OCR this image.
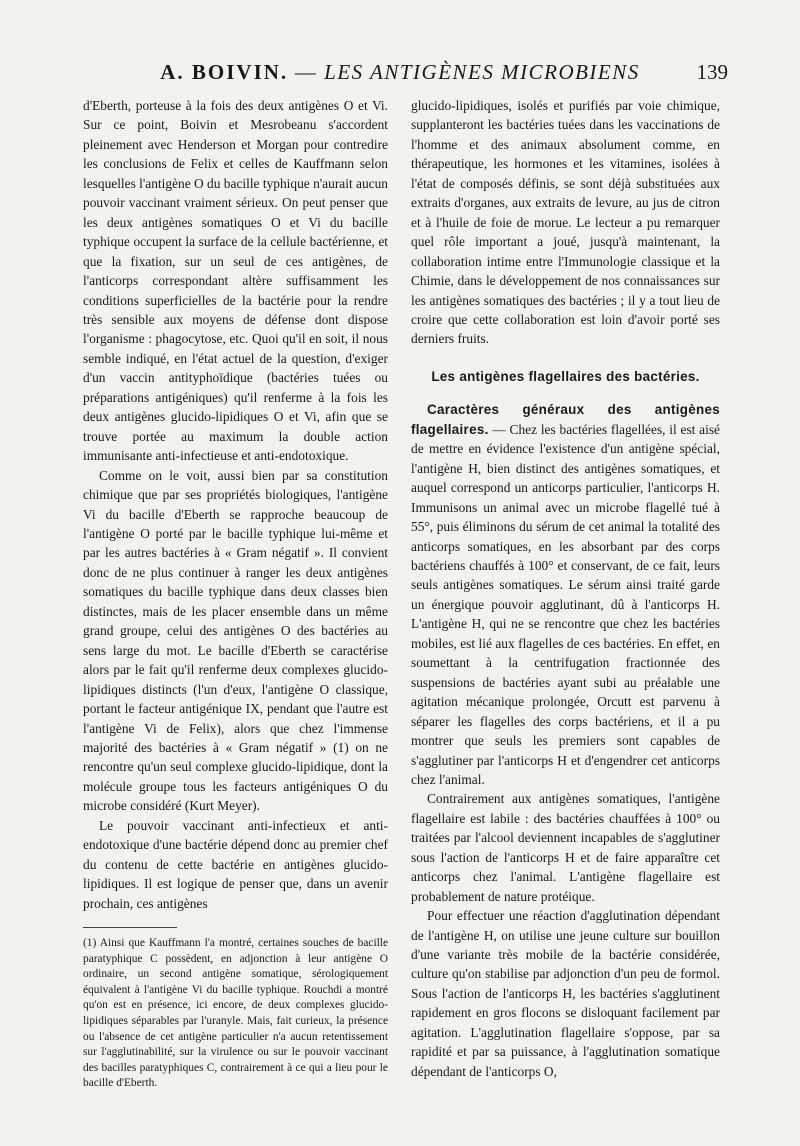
A. BOIVIN. — LES ANTIGÈNES MICROBIENS	139

d'Eberth, porteuse à la fois des deux antigènes O et Vi. Sur ce point, Boivin et Mesrobeanu s'accordent pleinement avec Henderson et Morgan pour contredire les conclusions de Felix et celles de Kauffmann selon lesquelles l'antigène O du bacille typhique n'aurait aucun pouvoir vaccinant vraiment sérieux. On peut penser que les deux antigènes somatiques O et Vi du bacille typhique occupent la surface de la cellule bactérienne, et que la fixation, sur un seul de ces antigènes, de l'anticorps correspondant altère suffisamment les conditions superficielles de la bactérie pour la rendre très sensible aux moyens de défense dont dispose l'organisme : phagocytose, etc. Quoi qu'il en soit, il nous semble indiqué, en l'état actuel de la question, d'exiger d'un vaccin antityphoïdique (bactéries tuées ou préparations antigéniques) qu'il renferme à la fois les deux antigènes glucido-lipidiques O et Vi, afin que se trouve portée au maximum la double action immunisante anti-infectieuse et anti-endotoxique.

Comme on le voit, aussi bien par sa constitution chimique que par ses propriétés biologiques, l'antigène Vi du bacille d'Eberth se rapproche beaucoup de l'antigène O porté par le bacille typhique lui-même et par les autres bactéries à « Gram négatif ». Il convient donc de ne plus continuer à ranger les deux antigènes somatiques du bacille typhique dans deux classes bien distinctes, mais de les placer ensemble dans un même grand groupe, celui des antigènes O des bactéries au sens large du mot. Le bacille d'Eberth se caractérise alors par le fait qu'il renferme deux complexes glucido-lipidiques distincts (l'un d'eux, l'antigène O classique, portant le facteur antigénique IX, pendant que l'autre est l'antigène Vi de Felix), alors que chez l'immense majorité des bactéries à « Gram négatif » (1) on ne rencontre qu'un seul complexe glucido-lipidique, dont la molécule groupe tous les facteurs antigéniques O du microbe considéré (Kurt Meyer).

Le pouvoir vaccinant anti-infectieux et anti-endotoxique d'une bactérie dépend donc au premier chef du contenu de cette bactérie en antigènes glucido-lipidiques. Il est logique de penser que, dans un avenir prochain, ces antigènes

(1) Ainsi que Kauffmann l'a montré, certaines souches de bacille paratyphique C possèdent, en adjonction à leur antigène O ordinaire, un second antigène somatique, sérologiquement équivalent à l'antigène Vi du bacille typhique. Rouchdi a montré qu'on est en présence, ici encore, de deux complexes glucido-lipidiques séparables par l'uranyle. Mais, fait curieux, la présence ou l'absence de cet antigène particulier n'a aucun retentissement sur l'agglutinabilité, sur la virulence ou sur le pouvoir vaccinant des bacilles paratyphiques C, contrairement à ce qui a lieu pour le bacille d'Eberth.

glucido-lipidiques, isolés et purifiés par voie chimique, supplanteront les bactéries tuées dans les vaccinations de l'homme et des animaux absolument comme, en thérapeutique, les hormones et les vitamines, isolées à l'état de composés définis, se sont déjà substituées aux extraits d'organes, aux extraits de levure, au jus de citron et à l'huile de foie de morue. Le lecteur a pu remarquer quel rôle important a joué, jusqu'à maintenant, la collaboration intime entre l'Immunologie classique et la Chimie, dans le développement de nos connaissances sur les antigènes somatiques des bactéries ; il y a tout lieu de croire que cette collaboration est loin d'avoir porté ses derniers fruits.

Les antigènes flagellaires des bactéries.

Caractères généraux des antigènes flagellaires. — Chez les bactéries flagellées, il est aisé de mettre en évidence l'existence d'un antigène spécial, l'antigène H, bien distinct des antigènes somatiques, et auquel correspond un anticorps particulier, l'anticorps H. Immunisons un animal avec un microbe flagellé tué à 55°, puis éliminons du sérum de cet animal la totalité des anticorps somatiques, en les absorbant par des corps bactériens chauffés à 100° et conservant, de ce fait, leurs seuls antigènes somatiques. Le sérum ainsi traité garde un énergique pouvoir agglutinant, dû à l'anticorps H. L'antigène H, qui ne se rencontre que chez les bactéries mobiles, est lié aux flagelles de ces bactéries. En effet, en soumettant à la centrifugation fractionnée des suspensions de bactéries ayant subi au préalable une agitation mécanique prolongée, Orcutt est parvenu à séparer les flagelles des corps bactériens, et il a pu montrer que seuls les premiers sont capables de s'agglutiner par l'anticorps H et d'engendrer cet anticorps chez l'animal.

Contrairement aux antigènes somatiques, l'antigène flagellaire est labile : des bactéries chauffées à 100° ou traitées par l'alcool deviennent incapables de s'agglutiner sous l'action de l'anticorps H et de faire apparaître cet anticorps chez l'animal. L'antigène flagellaire est probablement de nature protéique.

Pour effectuer une réaction d'agglutination dépendant de l'antigène H, on utilise une jeune culture sur bouillon d'une variante très mobile de la bactérie considérée, culture qu'on stabilise par adjonction d'un peu de formol. Sous l'action de l'anticorps H, les bactéries s'agglutinent rapidement en gros flocons se disloquant facilement par agitation. L'agglutination flagellaire s'oppose, par sa rapidité et par sa puissance, à l'agglutination somatique dépendant de l'anticorps O,
